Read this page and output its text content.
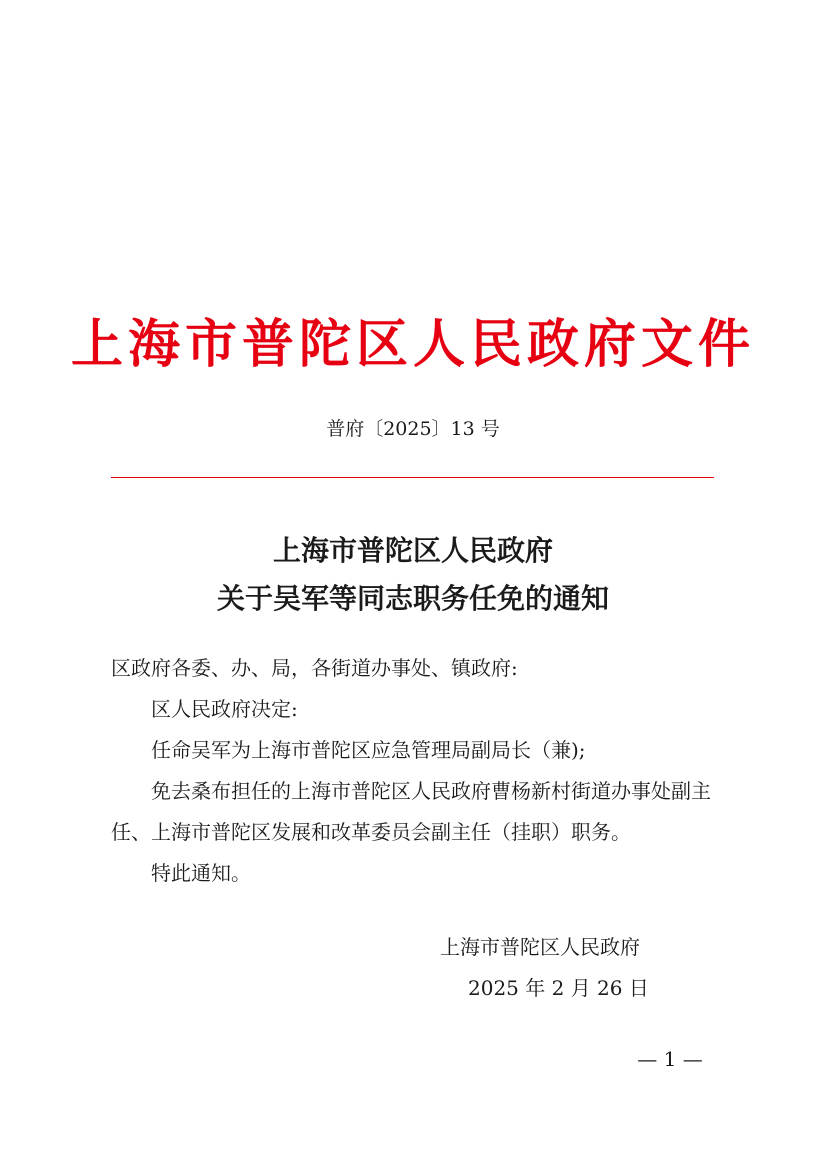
上海市普陀区人民政府文件
普府〔2025〕13 号
上海市普陀区人民政府
关于吴军等同志职务任免的通知

区政府各委、办、局，各街道办事处、镇政府:

区人民政府决定:

任命吴军为上海市普陀区应急管理局副局长（兼);

免去桑布担任的上海市普陀区人民政府曹杨新村街道办事处副主任、上海市普陀区发展和改革委员会副主任（挂职）职务。

特此通知。

上海市普陀区人民政府
2025 年 2 月 26 日
— 1 —
